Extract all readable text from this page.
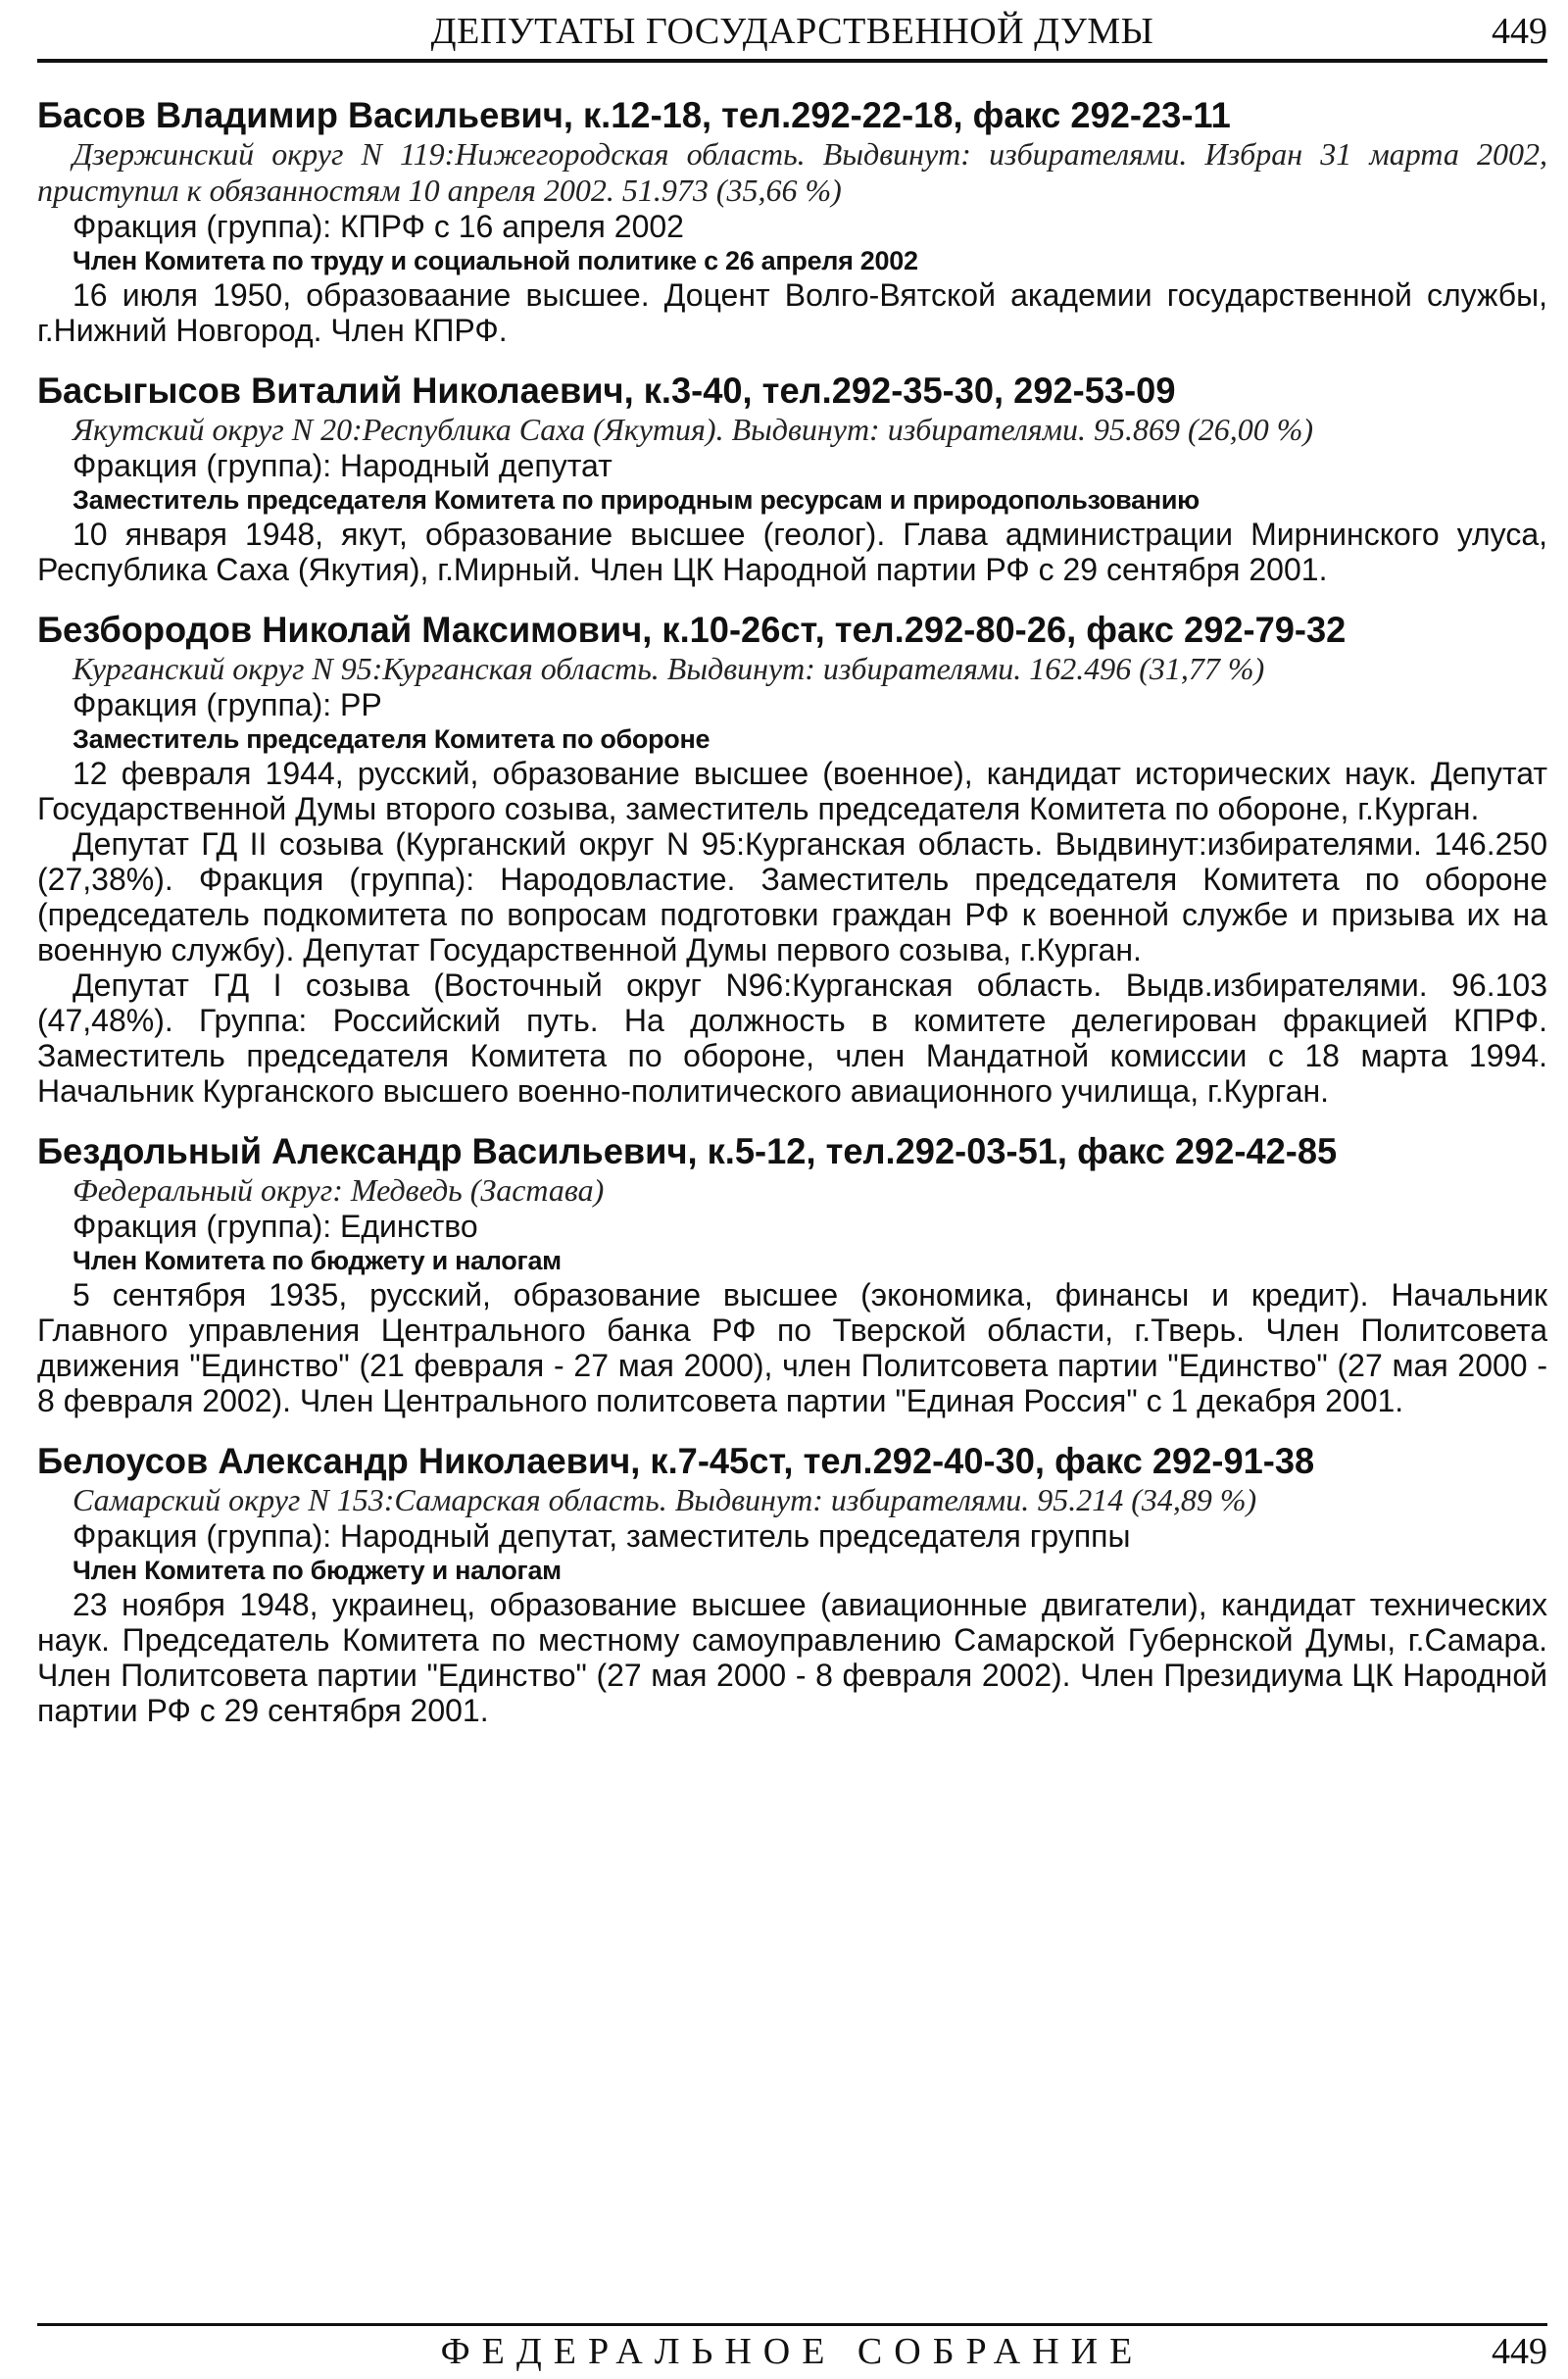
ДЕПУТАТЫ ГОСУДАРСТВЕННОЙ ДУМЫ	449
Басов Владимир Васильевич, к.12-18, тел.292-22-18, факс 292-23-11
Дзержинский округ N 119:Нижегородская область. Выдвинут: избирателями. Избран 31 марта 2002, приступил к обязанностям 10 апреля 2002. 51.973 (35,66 %)
Фракция (группа): КПРФ с 16 апреля 2002
Член Комитета по труду и социальной политике с 26 апреля 2002
16 июля 1950, образоваание высшее. Доцент Волго-Вятской академии государственной службы, г.Нижний Новгород. Член КПРФ.
Басыгысов Виталий Николаевич, к.3-40, тел.292-35-30, 292-53-09
Якутский округ N 20:Республика Саха (Якутия). Выдвинут: избирателями. 95.869 (26,00 %)
Фракция (группа): Народный депутат
Заместитель председателя Комитета по природным ресурсам и природопользованию
10 января 1948, якут, образование высшее (геолог). Глава администрации Мирнинского улуса, Республика Саха (Якутия), г.Мирный. Член ЦК Народной партии РФ с 29 сентября 2001.
Безбородов Николай Максимович, к.10-26ст, тел.292-80-26, факс 292-79-32
Курганский округ N 95:Курганская область. Выдвинут: избирателями. 162.496 (31,77 %)
Фракция (группа): РР
Заместитель председателя Комитета по обороне
12 февраля 1944, русский, образование высшее (военное), кандидат исторических наук. Депутат Государственной Думы второго созыва, заместитель председателя Комитета по обороне, г.Курган.
Депутат ГД II созыва (Курганский округ N 95:Курганская область. Выдвинут:избирателями. 146.250 (27,38%). Фракция (группа): Народовластие. Заместитель председателя Комитета по обороне (председатель подкомитета по вопросам подготовки граждан РФ к военной службе и призыва их на военную службу). Депутат Государственной Думы первого созыва, г.Курган.
Депутат ГД I созыва (Восточный округ N96:Курганская область. Выдв.избирателями. 96.103 (47,48%). Группа: Российский путь. На должность в комитете делегирован фракцией КПРФ. Заместитель председателя Комитета по обороне, член Мандатной комиссии с 18 марта 1994. Начальник Курганского высшего военно-политического авиационного училища, г.Курган.
Бездольный Александр Васильевич, к.5-12, тел.292-03-51, факс 292-42-85
Федеральный округ: Медведь (Застава)
Фракция (группа): Единство
Член Комитета по бюджету и налогам
5 сентября 1935, русский, образование высшее (экономика, финансы и кредит). Начальник Главного управления Центрального банка РФ по Тверской области, г.Тверь. Член Политсовета движения "Единство" (21 февраля - 27 мая 2000), член Политсовета партии "Единство" (27 мая 2000 - 8 февраля 2002). Член Центрального политсовета партии "Единая Россия" с 1 декабря 2001.
Белоусов Александр Николаевич, к.7-45ст, тел.292-40-30, факс 292-91-38
Самарский округ N 153:Самарская область. Выдвинут: избирателями. 95.214 (34,89 %)
Фракция (группа): Народный депутат, заместитель председателя группы
Член Комитета по бюджету и налогам
23 ноября 1948, украинец, образование высшее (авиационные двигатели), кандидат технических наук. Председатель Комитета по местному самоуправлению Самарской Губернской Думы, г.Самара. Член Политсовета партии "Единство" (27 мая 2000 - 8 февраля 2002). Член Президиума ЦК Народной партии РФ с 29 сентября 2001.
ФЕДЕРАЛЬНОЕ СОБРАНИЕ	449
